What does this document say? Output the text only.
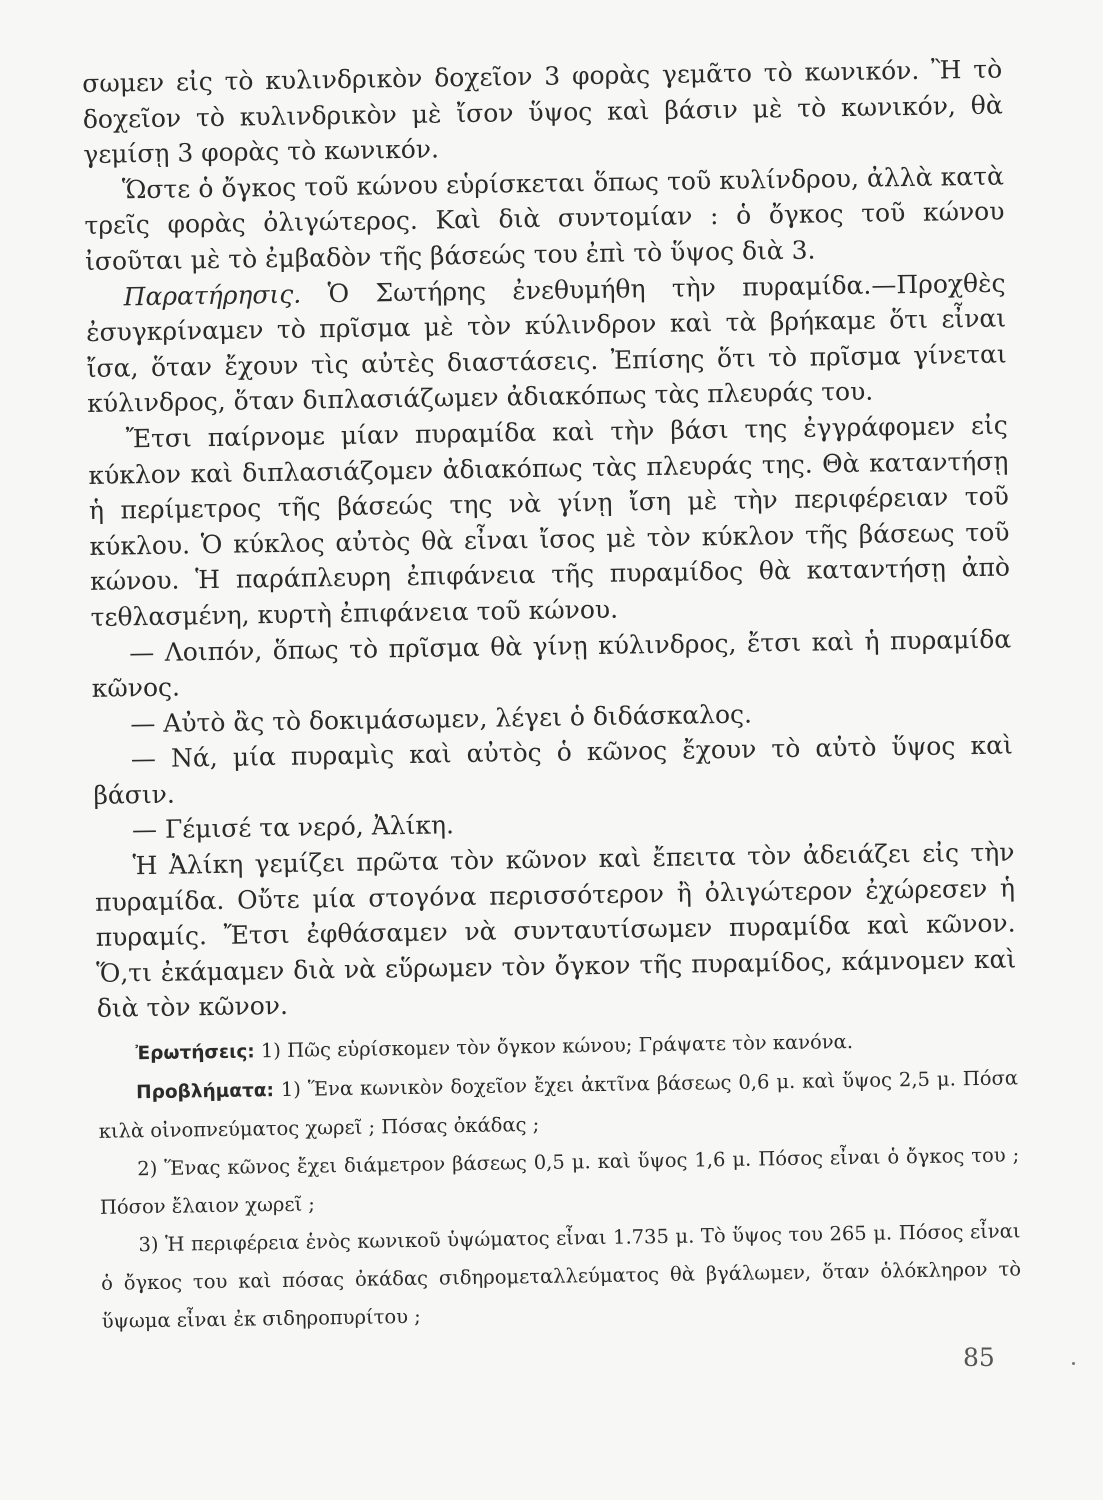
σωμεν εἰς τὸ κυλινδρικὸν δοχεῖον 3 φορὰς γεμᾶτο τὸ κωνικόν. Ἢ τὸ δοχεῖον τὸ κυλινδρικὸν μὲ ἴσον ὕψος καὶ βάσιν μὲ τὸ κωνικόν, θὰ γεμίσῃ 3 φορὰς τὸ κωνικόν.

Ὥστε ὁ ὄγκος τοῦ κώνου εὑρίσκεται ὅπως τοῦ κυλίνδρου, ἀλλὰ κατὰ τρεῖς φορὰς ὀλιγώτερος. Καὶ διὰ συντομίαν : ὁ ὄγκος τοῦ κώνου ἰσοῦται μὲ τὸ ἐμβαδὸν τῆς βάσεώς του ἐπὶ τὸ ὕψος διὰ 3.

Παρατήρησις. Ὁ Σωτήρης ἐνεθυμήθη τὴν πυραμίδα.—Προχθὲς ἐσυγκρίναμεν τὸ πρῖσμα μὲ τὸν κύλινδρον καὶ τὰ βρήκαμε ὅτι εἶναι ἴσα, ὅταν ἔχουν τὶς αὐτὲς διαστάσεις. Ἐπίσης ὅτι τὸ πρῖσμα γίνεται κύλινδρος, ὅταν διπλασιάζωμεν ἀδιακόπως τὰς πλευράς του.

Ἔτσι παίρνομε μίαν πυραμίδα καὶ τὴν βάσι της ἐγγράφομεν εἰς κύκλον καὶ διπλασιάζομεν ἀδιακόπως τὰς πλευράς της. Θὰ καταντήσῃ ἡ περίμετρος τῆς βάσεώς της νὰ γίνῃ ἴση μὲ τὴν περιφέρειαν τοῦ κύκλου. Ὁ κύκλος αὐτὸς θὰ εἶναι ἴσος μὲ τὸν κύκλον τῆς βάσεως τοῦ κώνου. Ἡ παράπλευρη ἐπιφάνεια τῆς πυραμίδος θὰ καταντήσῃ ἀπὸ τεθλασμένη, κυρτὴ ἐπιφάνεια τοῦ κώνου.

— Λοιπόν, ὅπως τὸ πρῖσμα θὰ γίνῃ κύλινδρος, ἔτσι καὶ ἡ πυραμίδα κῶνος.

— Αὐτὸ ἂς τὸ δοκιμάσωμεν, λέγει ὁ διδάσκαλος.

— Νά, μία πυραμὶς καὶ αὐτὸς ὁ κῶνος ἔχουν τὸ αὐτὸ ὕψος καὶ βάσιν.

— Γέμισέ τα νερό, Ἀλίκη.

Ἡ Ἀλίκη γεμίζει πρῶτα τὸν κῶνον καὶ ἔπειτα τὸν ἀδειάζει εἰς τὴν πυραμίδα. Οὔτε μία στογόνα περισσότερον ἢ ὀλιγώτερον ἐχώρεσεν ἡ πυραμίς. Ἔτσι ἐφθάσαμεν νὰ συνταυτίσωμεν πυραμίδα καὶ κῶνον. Ὅ,τι ἐκάμαμεν διὰ νὰ εὕρωμεν τὸν ὄγκον τῆς πυραμίδος, κάμνομεν καὶ διὰ τὸν κῶνον.

Ἐρωτήσεις: 1) Πῶς εὑρίσκομεν τὸν ὄγκον κώνου; Γράψατε τὸν κανόνα.

Προβλήματα: 1) Ἕνα κωνικὸν δοχεῖον ἔχει ἀκτῖνα βάσεως 0,6 μ. καὶ ὕψος 2,5 μ. Πόσα κιλὰ οἰνοπνεύματος χωρεῖ ; Πόσας ὀκάδας ;

2) Ἕνας κῶνος ἔχει διάμετρον βάσεως 0,5 μ. καὶ ὕψος 1,6 μ. Πόσος εἶναι ὁ ὄγκος του ; Πόσον ἔλαιον χωρεῖ ;

3) Ἡ περιφέρεια ἑνὸς κωνικοῦ ὑψώματος εἶναι 1.735 μ. Τὸ ὕψος του 265 μ. Πόσος εἶναι ὁ ὄγκος του καὶ πόσας ὀκάδας σιδηρομεταλλεύματος θὰ βγάλωμεν, ὅταν ὁλόκληρον τὸ ὕψωμα εἶναι ἐκ σιδηροπυρίτου ;

85
